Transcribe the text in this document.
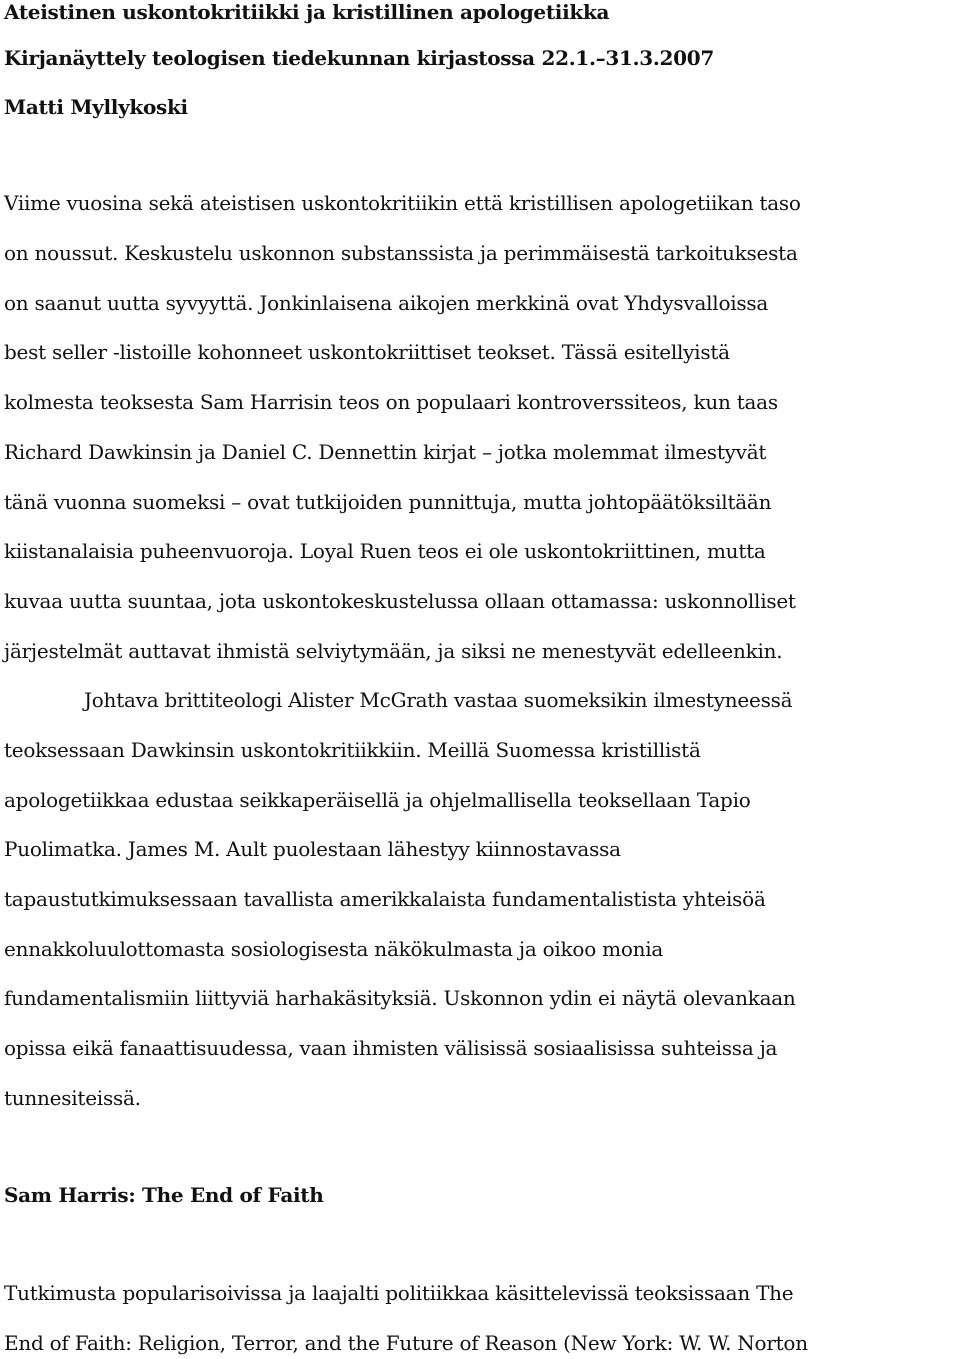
Ateistinen uskontokritiikki ja kristillinen apologetiikka
Kirjanäyttely teologisen tiedekunnan kirjastossa 22.1.–31.3.2007
Matti Myllykoski
Viime vuosina sekä ateistisen uskontokritiikin että kristillisen apologetiikan taso
on noussut. Keskustelu uskonnon substanssista ja perimmäisestä tarkoituksesta
on saanut uutta syvyyttä. Jonkinlaisena aikojen merkkinä ovat Yhdysvalloissa
best seller -listoille kohonneet uskontokriittiset teokset. Tässä esitellyistä
kolmesta teoksesta Sam Harrisin teos on populaari kontroverssiteos, kun taas
Richard Dawkinsin ja Daniel C. Dennettin kirjat – jotka molemmat ilmestyvät
tänä vuonna suomeksi – ovat tutkijoiden punnittuja, mutta johtopäätöksiltään
kiistanalaisia puheenvuoroja. Loyal Ruen teos ei ole uskontokriittinen, mutta
kuvaa uutta suuntaa, jota uskontokeskustelussa ollaan ottamassa: uskonnolliset
järjestelmät auttavat ihmistä selviytymään, ja siksi ne menestyvät edelleenkin.
Johtava brittiteologi Alister McGrath vastaa suomeksikin ilmestyneessä
teoksessaan Dawkinsin uskontokritiikkiin. Meillä Suomessa kristillistä
apologetiikkaa edustaa seikkaperäisellä ja ohjelmallisella teoksellaan Tapio
Puolimatka. James M. Ault puolestaan lähestyy kiinnostavassa
tapaustutkimuksessaan tavallista amerikkalaista fundamentalistista yhteisöä
ennakkoluulottomasta sosiologisesta näkökulmasta ja oikoo monia
fundamentalismiin liittyviä harhakäsityksiä. Uskonnon ydin ei näytä olevankaan
opissa eikä fanaattisuudessa, vaan ihmisten välisissä sosiaalisissa suhteissa ja
tunnesiteissä.
Sam Harris: The End of Faith
Tutkimusta popularisoivissa ja laajalti politiikkaa käsittelevissä teoksissaan The
End of Faith: Religion, Terror, and the Future of Reason (New York: W. W. Norton
